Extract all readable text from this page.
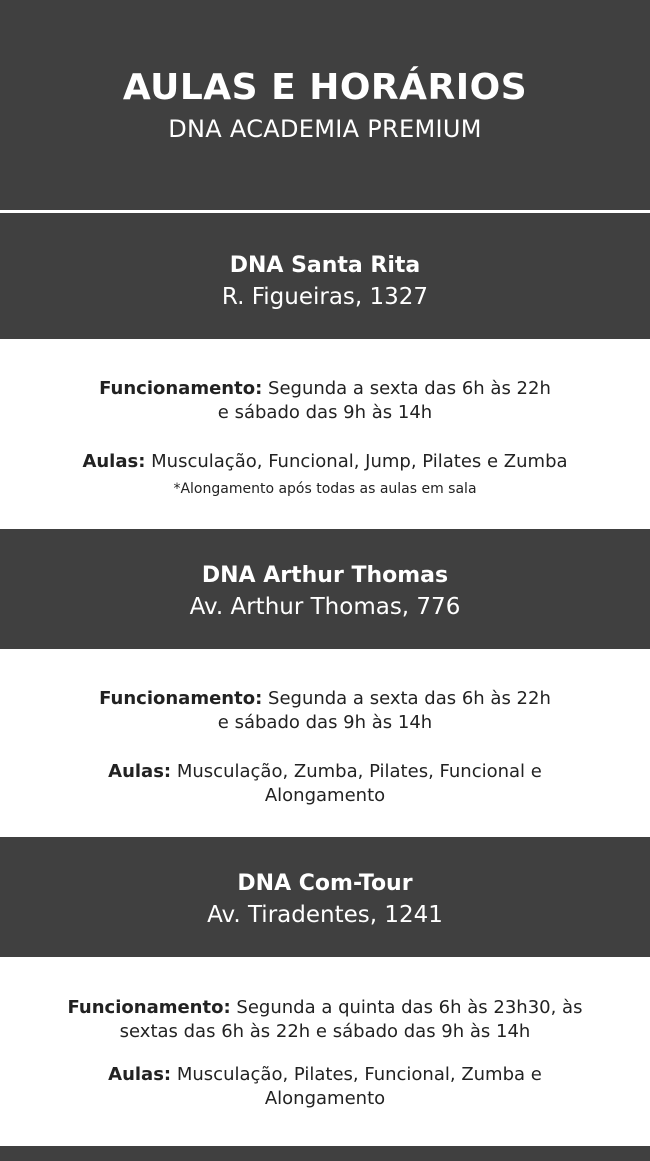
AULAS E HORÁRIOS
DNA ACADEMIA PREMIUM
DNA Santa Rita
R. Figueiras, 1327
Funcionamento: Segunda a sexta das 6h às 22h
e sábado das 9h às 14h
Aulas: Musculação, Funcional, Jump, Pilates e Zumba
*Alongamento após todas as aulas em sala
DNA Arthur Thomas
Av. Arthur Thomas, 776
Funcionamento: Segunda a sexta das 6h às 22h
e sábado das 9h às 14h
Aulas: Musculação, Zumba, Pilates, Funcional e
Alongamento
DNA Com-Tour
Av. Tiradentes, 1241
Funcionamento: Segunda a quinta das 6h às 23h30, às
sextas das 6h às 22h e sábado das 9h às 14h
Aulas: Musculação, Pilates, Funcional, Zumba e
Alongamento
